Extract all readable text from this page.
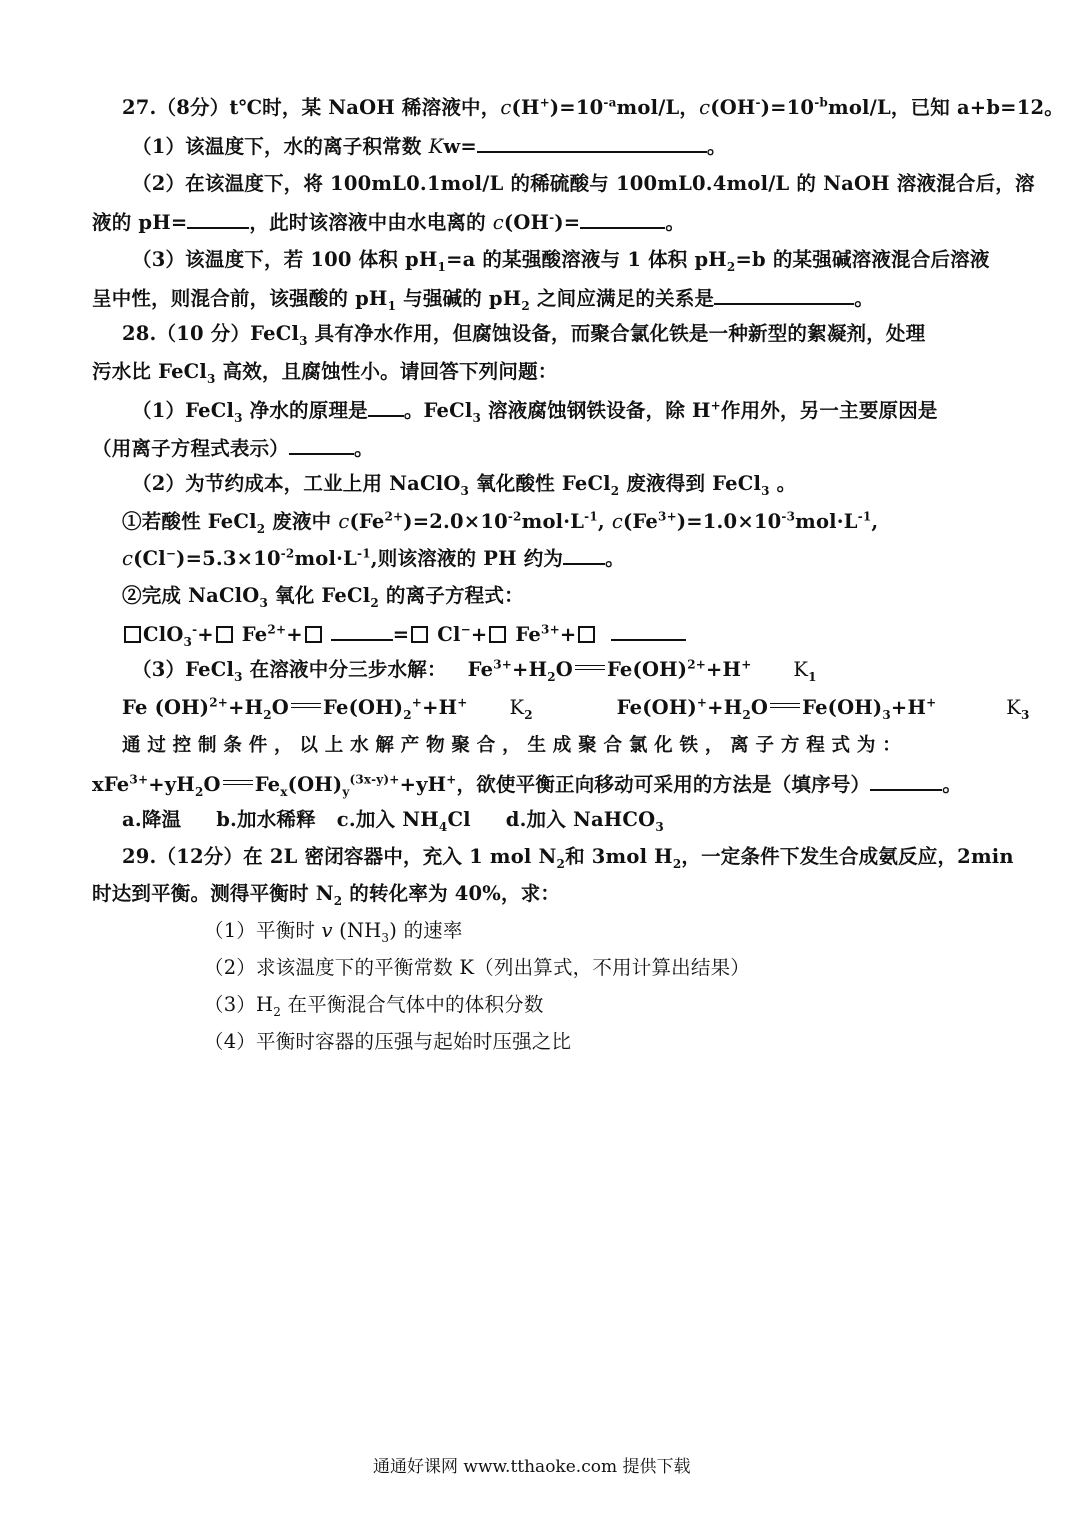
27.（8分）t℃时，某 NaOH 稀溶液中，$c(H^+)=10^{-a}mol/L$，$c(OH^-)=10^{-b}mol/L$，已知 a+b=12。
（1）该温度下，水的离子积常数 Kw=	。
（2）在该温度下，将 100mL0.1mol/L 的稀硫酸与 100mL0.4mol/L 的 NaOH 溶液混合后，溶
液的 pH=	，此时该溶液中由水电离的 c(OH-)=	。
（3）该温度下，若 100 体积 $pH_1=a$ 的某强酸溶液与 1 体积 $pH_2=b$ 的某强碱溶液混合后溶液
呈中性，则混合前，该强酸的 $pH_1$ 与强碱的 $pH_2$ 之间应满足的关系是	。
28.（10 分）FeCl$_3$ 具有净水作用，但腐蚀设备，而聚合氯化铁是一种新型的絮凝剂，处理
污水比 FeCl$_3$ 高效，且腐蚀性小。请回答下列问题：
（1）FeCl$_3$ 净水的原理是 。FeCl$_3$ 溶液腐蚀钢铁设备，除 H+作用外，另一主要原因是
（用离子方程式表示）	。
（2）为节约成本，工业上用 NaClO$_3$ 氧化酸性 FeCl$_2$ 废液得到 FeCl$_3$ 。
①若酸性 FeCl$_2$ 废液中 $c(Fe^{2+})=2.0\times 10^{-2}mol\cdot L^{-1}$, $c(Fe^{3+})=1.0\times 10^{-3}mol\cdot L^{-1}$,
$c(Cl^-)=5.3\times 10^{-2}mol\cdot L^{-1}$,则该溶液的 PH 约为 。
②完成 NaClO$_3$ 氧化 FeCl$_2$ 的离子方程式：
$ClO_3^-+ Fe^{2+}+$	= $Cl^-+ Fe^{3+}+$
（3）FeCl$_3$ 在溶液中分三步水解： $Fe^{3+}+H_2O$ Fe(OH)$^{2+}$+H+ $K_1$
Fe $(OH)^{2+}+H_2O$ $Fe(OH)_2^++H^+$ $K_2$	$Fe(OH)^++H_2O$ $Fe(OH)_3+H^+$	$K_3$
通 过 控 制 条 件 ， 以 上 水 解 产 物 聚 合 ， 生 成 聚 合 氯 化 铁 ， 离 子 方 程 式 为 ：
$xFe^{3+}+yH_2O$ $Fe_x(OH)_y^{(3x-y)+}+yH^+$，欲使平衡正向移动可采用的方法是（填序号）	。
a.降温 b.加水稀释 c.加入 $NH_4Cl$ d.加入 NaHCO$_3$
29.（12分）在 2L 密闭容器中，充入 1 mol $N_2$和 3mol $H_2$，一定条件下发生合成氨反应，2min
时达到平衡。测得平衡时 $N_2$ 的转化率为 40%，求：
（1）平衡时 v $(NH_3)$ 的速率
（2）求该温度下的平衡常数 K（列出算式，不用计算出结果）
$(3)H_2$ 在平衡混合气体中的体积分数
（4）平衡时容器的压强与起始时压强之比
通通好课网 www.tthaoke.com 提供下载
